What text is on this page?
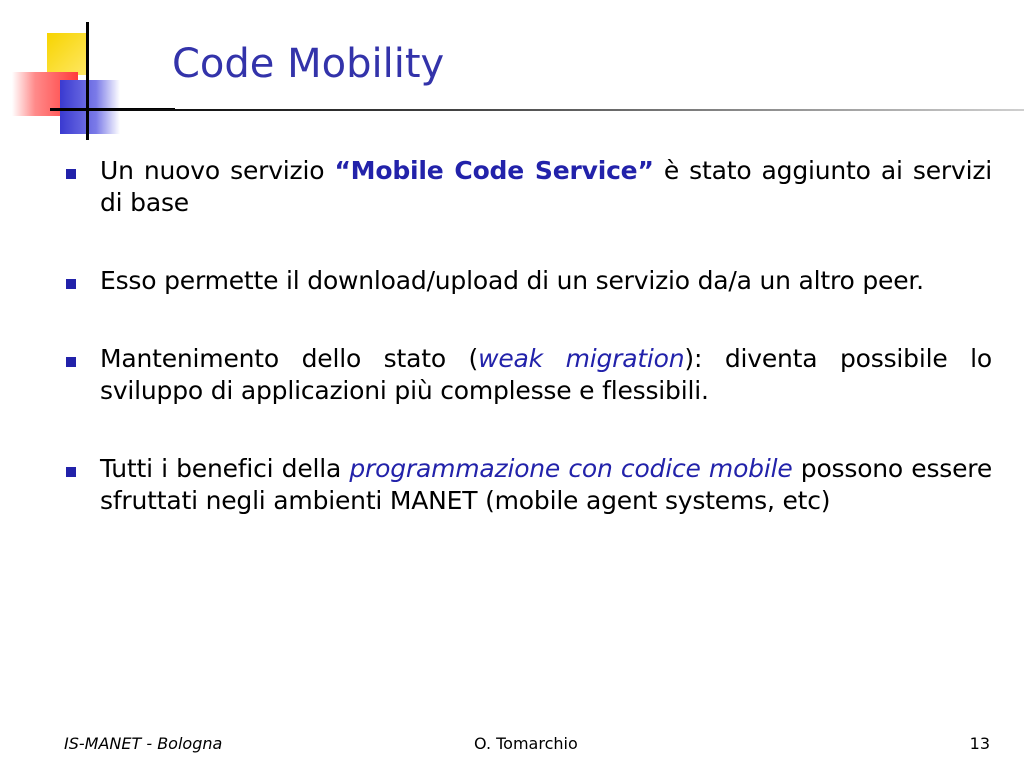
Code Mobility

Un nuovo servizio “Mobile Code Service” è stato aggiunto ai servizi di base

Esso permette il download/upload di un servizio da/a un altro peer.

Mantenimento dello stato (weak migration): diventa possibile lo sviluppo di applicazioni più complesse e flessibili.

Tutti i benefici della programmazione con codice mobile possono essere sfruttati negli ambienti MANET (mobile agent systems, etc)

IS-MANET - Bologna	O. Tomarchio	13
